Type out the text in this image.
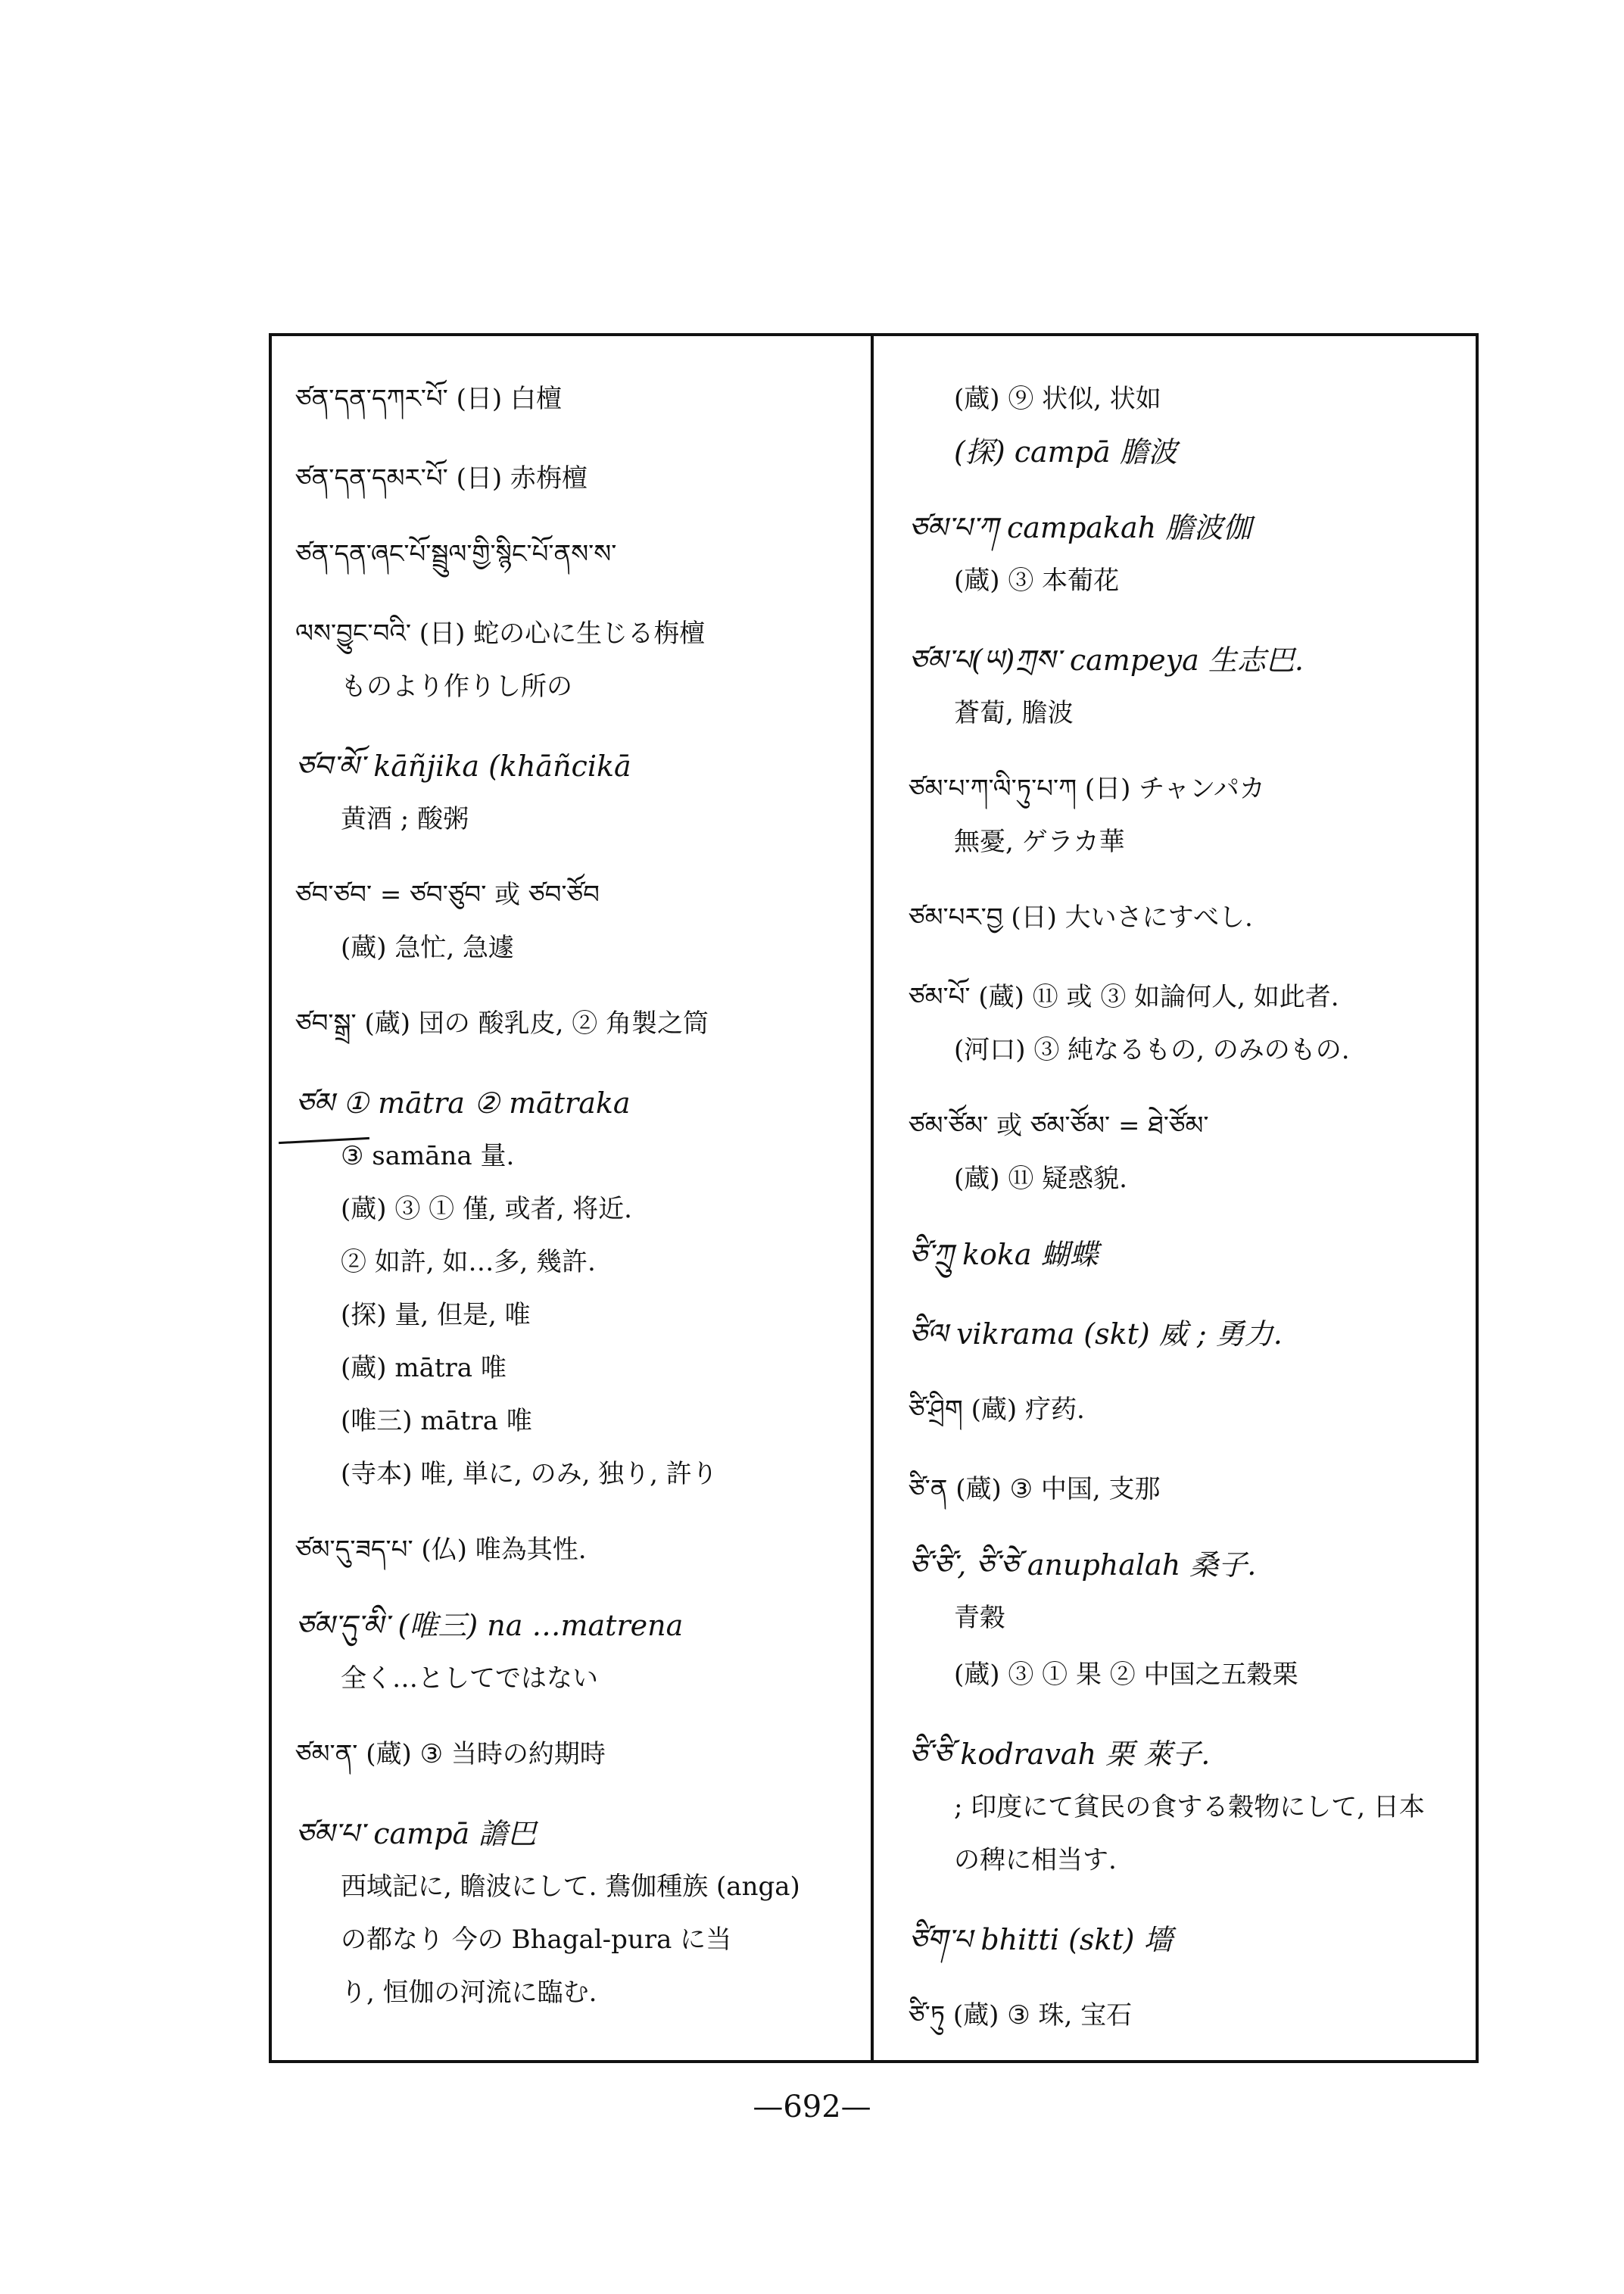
ཙན་དན་དཀར་པོ་ (日) 白檀
ཙན་དན་དམར་པོ་ (日) 赤栴檀
ཙན་དན་ཞང་པོ་སྦྲུལ་གྱི་སྙིང་པོ་ནས་ས་
ལས་བྱུང་བའི་ (日) 蛇の心に生じる栴檀
ものより作りし所の
ཙབ་མོ་ kāñjika (khāñcikā
黄酒 ; 酸粥
ཙབ་ཙབ་ = ཙབ་ཙུབ་ 或 ཙབ་ཙོབ
(蔵) 急忙, 急遽
ཙབ་སྒྲ་ (蔵) 団の 酸乳皮, ② 角製之筒
ཙམ ① mātra ② mātraka
③ samāna 量.
(蔵) ③ ① 僅, 或者, 将近.
② 如許, 如…多, 幾許.
(探) 量, 但是, 唯
(蔵) mātra 唯
(唯三) mātra 唯
(寺本) 唯, 単に, のみ, 独り, 許り
ཙམ་དུ་ཟད་པ་ (仏) 唯為其性.
ཙམ་དུ་མི་ (唯三) na …matrena
全く…としてではない
ཙམ་ན་ (蔵) ③ 当時の約期時
ཙམ་པ་ campā 譫巴
西域記に, 瞻波にして. 鴦伽種族 (anga)
の都なり 今の Bhagal-pura に当
り, 恒伽の河流に臨む.
(蔵) ⑨ 状似, 状如
(探) campā 膽波
ཙམ་པ་ཀ campakah 膽波伽
(蔵) ③ 本葡花
ཙམ་པ(ཡ)ཀྲས་ campeya 生志巴.
蒼蔔, 膽波
ཙམ་པ་ཀ་ལི་ཏུ་པ་ཀ (日) チャンパカ
無憂, ゲラカ華
ཙམ་པར་བྱ (日) 大いさにすべし.
ཙམ་པོ་ (蔵) ⑪ 或 ③ 如論何人, 如此者.
(河口) ③ 純なるもの, のみのもの.
ཙམ་ཙོམ་ 或 ཙམ་ཙོམ་ = ཐེ་ཙོམ་
(蔵) ⑪ 疑惑貌.
ཙི་ཀྲུ koka 蝴蝶
ཙིལ vikrama (skt) 威 ; 勇力.
ཙི་ཤྲིག (蔵) 疗药.
ཙི་ན (蔵) ③ 中国, 支那
ཙི་ཙི་, ཙི་ཙེ anuphalah 桑子.
青穀
(蔵) ③ ① 果 ② 中国之五穀栗
ཙི་ཙི kodravah 栗 萊子.
; 印度にて貧民の食する穀物にして, 日本
の稗に相当す.
ཙིག་པ bhitti (skt) 墻
ཙི་ཏུ (蔵) ③ 珠, 宝石
—692—
